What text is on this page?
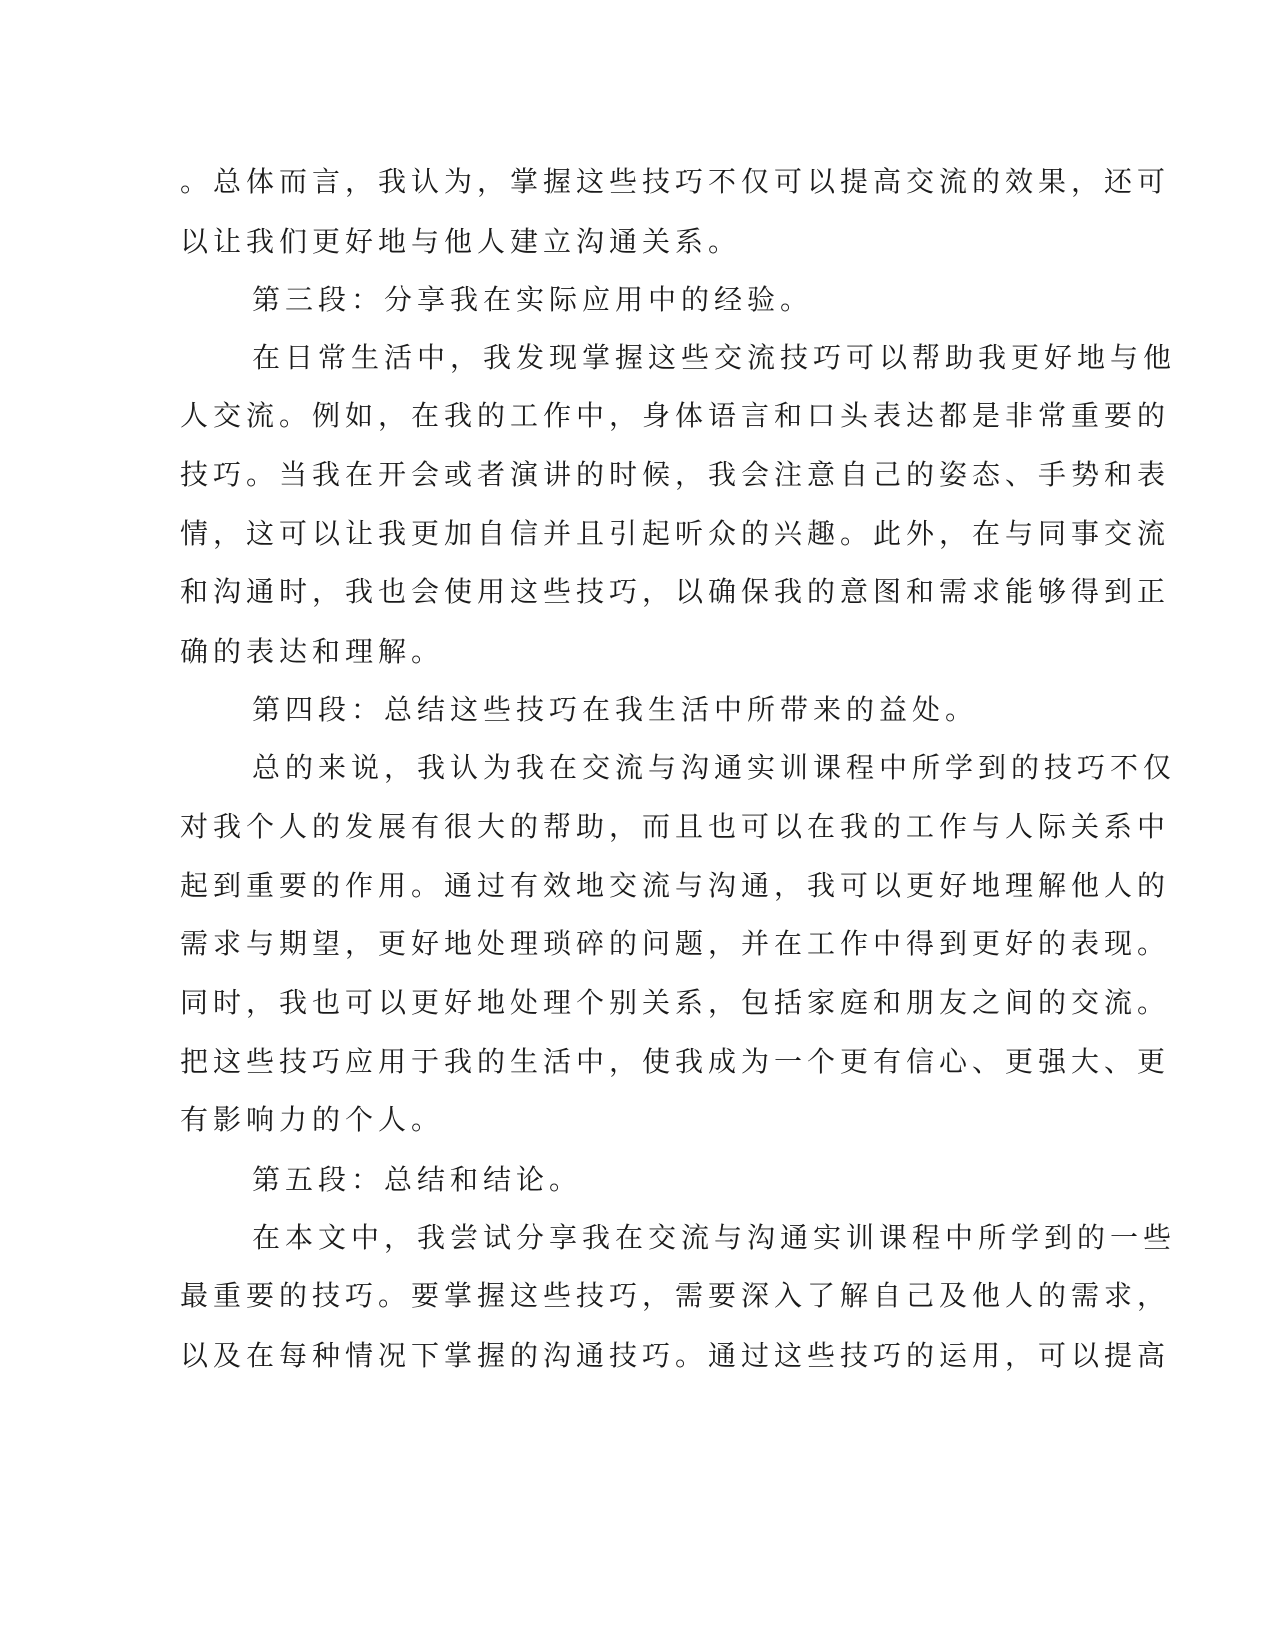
。总体而言，我认为，掌握这些技巧不仅可以提高交流的效果，还可
以让我们更好地与他人建立沟通关系。
第三段：分享我在实际应用中的经验。
在日常生活中，我发现掌握这些交流技巧可以帮助我更好地与他
人交流。例如，在我的工作中，身体语言和口头表达都是非常重要的
技巧。当我在开会或者演讲的时候，我会注意自己的姿态、手势和表
情，这可以让我更加自信并且引起听众的兴趣。此外，在与同事交流
和沟通时，我也会使用这些技巧，以确保我的意图和需求能够得到正
确的表达和理解。
第四段：总结这些技巧在我生活中所带来的益处。
总的来说，我认为我在交流与沟通实训课程中所学到的技巧不仅
对我个人的发展有很大的帮助，而且也可以在我的工作与人际关系中
起到重要的作用。通过有效地交流与沟通，我可以更好地理解他人的
需求与期望，更好地处理琐碎的问题，并在工作中得到更好的表现。
同时，我也可以更好地处理个别关系，包括家庭和朋友之间的交流。
把这些技巧应用于我的生活中，使我成为一个更有信心、更强大、更
有影响力的个人。
第五段：总结和结论。
在本文中，我尝试分享我在交流与沟通实训课程中所学到的一些
最重要的技巧。要掌握这些技巧，需要深入了解自己及他人的需求，
以及在每种情况下掌握的沟通技巧。通过这些技巧的运用，可以提高
